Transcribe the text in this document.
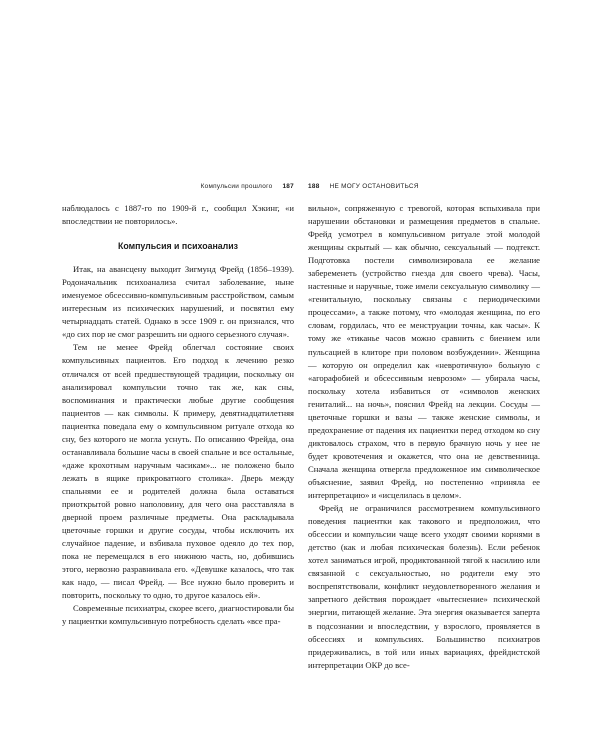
Компульсии прошлого 187

наблюдалось с 1887-го по 1909-й г., сообщил Хэкинг, «и впоследствии не повторилось».

Компульсия и психоанализ

Итак, на авансцену выходит Зигмунд Фрейд (1856–1939). Родоначальник психоанализа считал заболевание, ныне именуемое обсессивно-компульсивным расстройством, самым интересным из психических нарушений, и посвятил ему четырнадцать статей. Однако в эссе 1909 г. он признался, что «до сих пор не смог разрешить ни одного серьезного случая».

Тем не менее Фрейд облегчал состояние своих компульсивных пациентов. Его подход к лечению резко отличался от всей предшествующей традиции, поскольку он анализировал компульсии точно так же, как сны, воспоминания и практически любые другие сообщения пациентов — как символы. К примеру, девятнадцатилетняя пациентка поведала ему о компульсивном ритуале отхода ко сну, без которого не могла уснуть. По описанию Фрейда, она останавливала большие часы в своей спальне и все остальные, «даже крохотным наручным часикам»... не положено было лежать в ящике прикроватного столика». Дверь между спальнями ее и родителей должна была оставаться приоткрытой ровно наполовину, для чего она расставляла в дверной проем различные предметы. Она раскладывала цветочные горшки и другие сосуды, чтобы исключить их случайное падение, и взбивала пуховое одеяло до тех пор, пока не перемещался в его нижнюю часть, но, добившись этого, нервозно разравнивала его. «Девушке казалось, что так как надо, — писал Фрейд. — Все нужно было проверить и повторить, поскольку то одно, то другое казалось ей».

Современные психиатры, скорее всего, диагностировали бы у пациентки компульсивную потребность сделать «все пра-

188 НЕ МОГУ ОСТАНОВИТЬСЯ

вильно», сопряженную с тревогой, которая вспыхивала при нарушении обстановки и размещения предметов в спальне. Фрейд усмотрел в компульсивном ритуале этой молодой женщины скрытый — как обычно, сексуальный — подтекст. Подготовка постели символизировала ее желание забеременеть (устройство гнезда для своего чрева). Часы, настенные и наручные, тоже имели сексуальную символику — «генитальную, поскольку связаны с периодическими процессами», а также потому, что «молодая женщина, по его словам, гордилась, что ее менструации точны, как часы». К тому же «тиканье часов можно сравнить с биением или пульсацией в клиторе при половом возбуждении». Женщина — которую он определил как «невротичную» больную с «агорафобией и обсессивным неврозом» — убирала часы, поскольку хотела избавиться от «символов женских гениталий... на ночь», пояснил Фрейд на лекции. Сосуды — цветочные горшки и вазы — также женские символы, и предохранение от падения их пациентки перед отходом ко сну диктовалось страхом, что в первую брачную ночь у нее не будет кровотечения и окажется, что она не девственница. Сначала женщина отвергла предложенное им символическое объяснение, заявил Фрейд, но постепенно «приняла ее интерпретацию» и «исцелилась в целом».

Фрейд не ограничился рассмотрением компульсивного поведения пациентки как такового и предположил, что обсессии и компульсии чаще всего уходят своими корнями в детство (как и любая психическая болезнь). Если ребенок хотел заниматься игрой, продиктованной тягой к насилию или связанной с сексуальностью, но родители ему это воспрепятствовали, конфликт неудовлетворенного желания и запретного действия порождает «вытеснение» психической энергии, питающей желание. Эта энергия оказывается заперта в подсознании и впоследствии, у взрослого, проявляется в обсессиях и компульсиях. Большинство психиатров придерживались, в той или иных вариациях, фрейдистской интерпретации ОКР до все-
